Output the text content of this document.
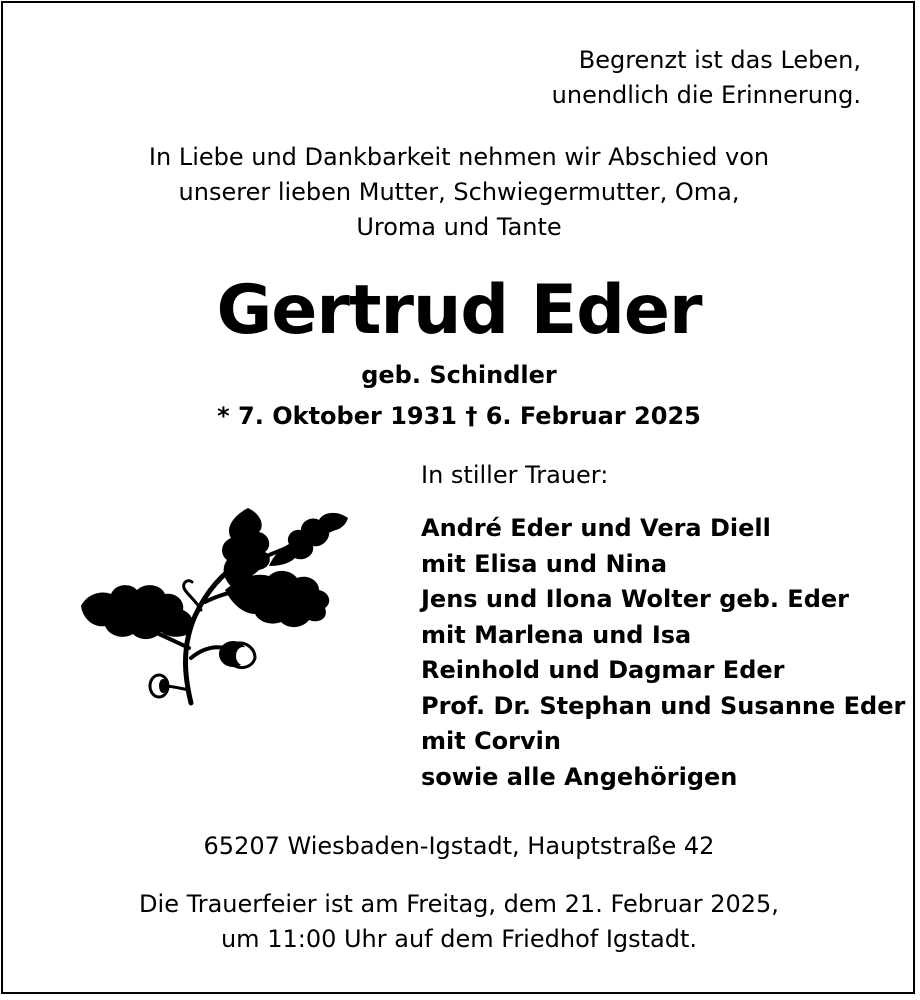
Begrenzt ist das Leben,
unendlich die Erinnerung.
In Liebe und Dankbarkeit nehmen wir Abschied von
unserer lieben Mutter, Schwiegermutter, Oma,
Uroma und Tante
Gertrud Eder
geb. Schindler
* 7. Oktober 1931 † 6. Februar 2025
In stiller Trauer:
André Eder und Vera Diell
mit Elisa und Nina
Jens und Ilona Wolter geb. Eder
mit Marlena und Isa
Reinhold und Dagmar Eder
Prof. Dr. Stephan und Susanne Eder
mit Corvin
sowie alle Angehörigen
65207 Wiesbaden-Igstadt, Hauptstraße 42
Die Trauerfeier ist am Freitag, dem 21. Februar 2025,
um 11:00 Uhr auf dem Friedhof Igstadt.
